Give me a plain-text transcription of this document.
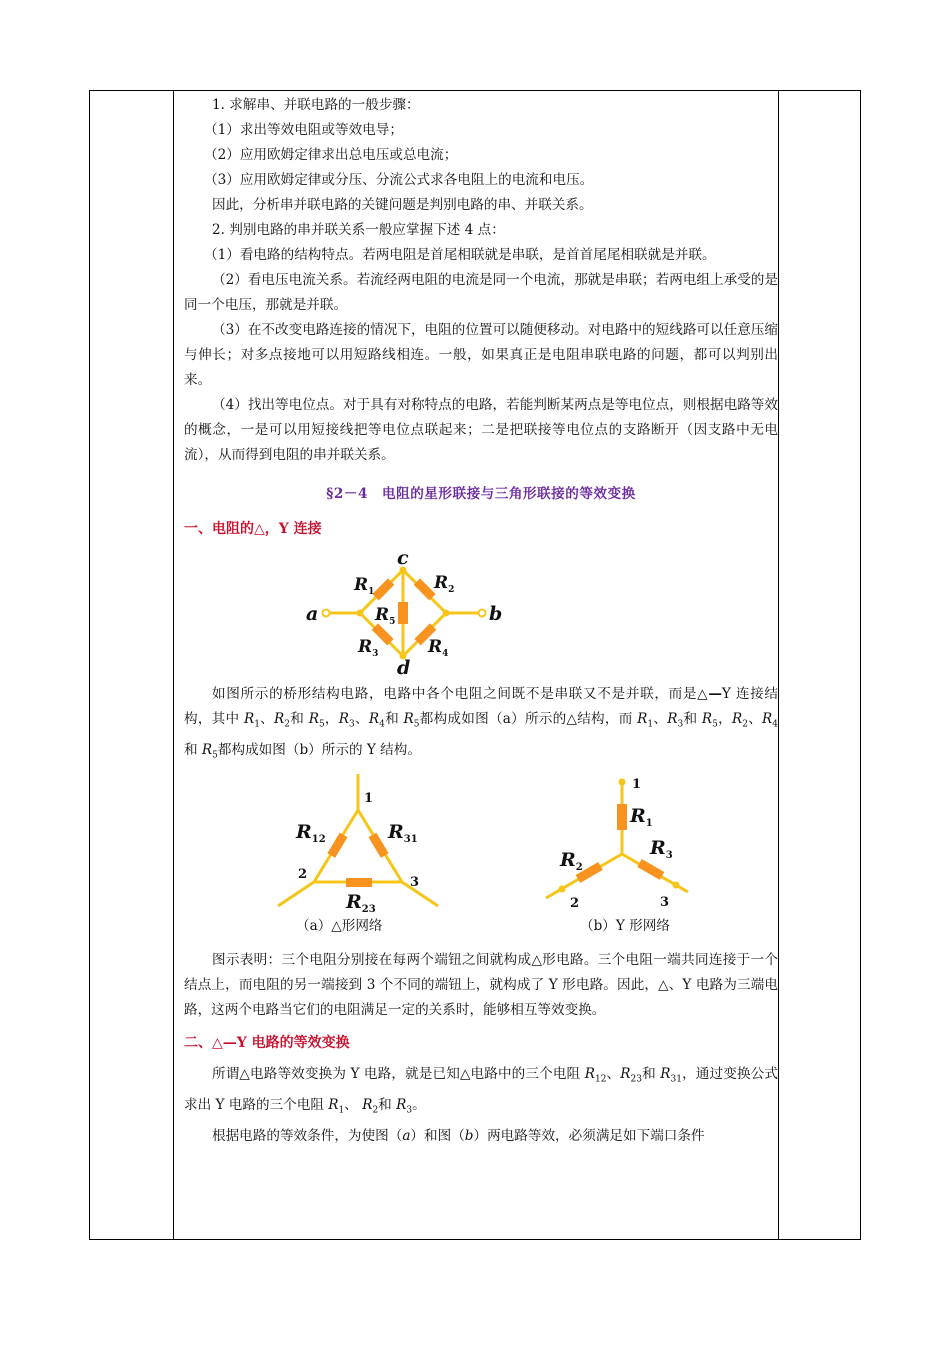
1. 求解串、并联电路的一般步骤：

（1）求出等效电阻或等效电导；

（2）应用欧姆定律求出总电压或总电流；

（3）应用欧姆定律或分压、分流公式求各电阻上的电流和电压。

因此，分析串并联电路的关键问题是判别电路的串、并联关系。

2. 判别电路的串并联关系一般应掌握下述 4 点：

（1）看电路的结构特点。若两电阻是首尾相联就是串联，是首首尾尾相联就是并联。

（2）看电压电流关系。若流经两电阻的电流是同一个电流，那就是串联；若两电组上承受的是同一个电压，那就是并联。

（3）在不改变电路连接的情况下，电阻的位置可以随便移动。对电路中的短线路可以任意压缩与伸长；对多点接地可以用短路线相连。一般，如果真正是电阻串联电路的问题，都可以判别出来。

（4）找出等电位点。对于具有对称特点的电路，若能判断某两点是等电位点，则根据电路等效的概念，一是可以用短接线把等电位点联起来；二是把联接等电位点的支路断开（因支路中无电流），从而得到电阻的串并联关系。

§2－4　电阻的星形联接与三角形联接的等效变换
一、电阻的△，Y 连接
a	b
c
d
$R_1$	$R_2$
$R_3$	$R_4$
$R_5$

如图所示的桥形结构电路，电路中各个电阻之间既不是串联又不是并联，而是△—Y 连接结构，其中 $R_1$、$R_2$和 $R_5$，$R_3$、$R_4$和 $R_5$都构成如图（a）所示的△结构，而 $R_1$、$R_3$和 $R_5$，$R_2$、$R_4$和 $R_5$都构成如图（b）所示的 Y 结构。

1
2
3
$R_{12}$	$R_{31}$
$R_{23}$
（a）△形网络
1
2	3
$R_1$
$R_2$
$R_3$
（b）Y 形网络

图示表明：三个电阻分别接在每两个端钮之间就构成△形电路。三个电阻一端共同连接于一个结点上，而电阻的另一端接到 3 个不同的端钮上，就构成了 Y 形电路。因此，△、Y 电路为三端电路，这两个电路当它们的电阻满足一定的关系时，能够相互等效变换。

二、△—Y 电路的等效变换

所谓△电路等效变换为 Y 电路，就是已知△电路中的三个电阻 $R_{12}$、$R_{23}$和 $R_{31}$，通过变换公式求出 Y 电路的三个电阻 $R_1$、 $R_2$和 $R_3$。

根据电路的等效条件，为使图（a）和图（b）两电路等效，必须满足如下端口条件
